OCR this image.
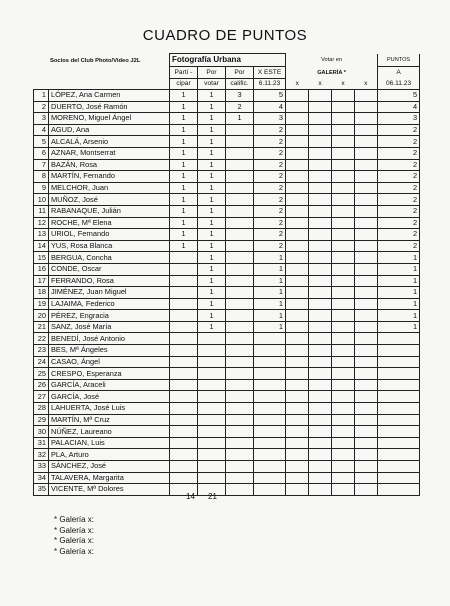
CUADRO DE PUNTOS
		Fotografía Urbana				Votar en				PUNTOS
		Partí -	Por	Por	X ESTE	GALERÍA *				A
		cipar	votar	calific.	6.11.23	x	x	x	x	06.11.23
1	LÓPEZ, Ana Carmen	1	1	3	5					5
2	DUERTO, José Ramón	1	1	2	4					4
3	MORENO, Miguel Ángel	1	1	1	3					3
4	AGUD, Ana	1	1		2					2
5	ALCALÁ, Arsenio	1	1		2					2
6	AZNAR, Montserrat	1	1		2					2
7	BAZÁN, Rosa	1	1		2					2
8	MARTÍN, Fernando	1	1		2					2
9	MELCHOR, Juan	1	1		2					2
10	MUÑOZ, José	1	1		2					2
11	RABANAQUE, Julián	1	1		2					2
12	ROCHE, Mª Elena	1	1		2					2
13	URIOL, Fernando	1	1		2					2
14	YUS, Rosa Blanca	1	1		2					2
15	BERGUA, Concha		1		1					1
16	CONDE, Oscar		1		1					1
17	FERRANDO, Rosa		1		1					1
18	JIMÉNEZ, Juan Miguel		1		1					1
19	LAJAIMA, Federico		1		1					1
20	PÉREZ, Engracia		1		1					1
21	SANZ, José María		1		1					1
22	BENEDÍ, José Antonio									
23	BES, Mª Ángeles									
24	CASAO, Ángel									
25	CRESPO, Esperanza									
26	GARCÍA, Araceli									
27	GARCÍA, José									
28	LAHUERTA, José Luis									
29	MARTÍN, Mª Cruz									
30	NÚÑEZ, Laureano									
31	PALACIAN, Luis									
32	PLA, Arturo									
33	SÁNCHEZ, José									
34	TALAVERA, Margarita									
35	VICENTE, Mª Dolores									
Socios del Club Photo/Video J2L
14 21
* Galería x:
* Galería x:
* Galería x:
* Galería x:
